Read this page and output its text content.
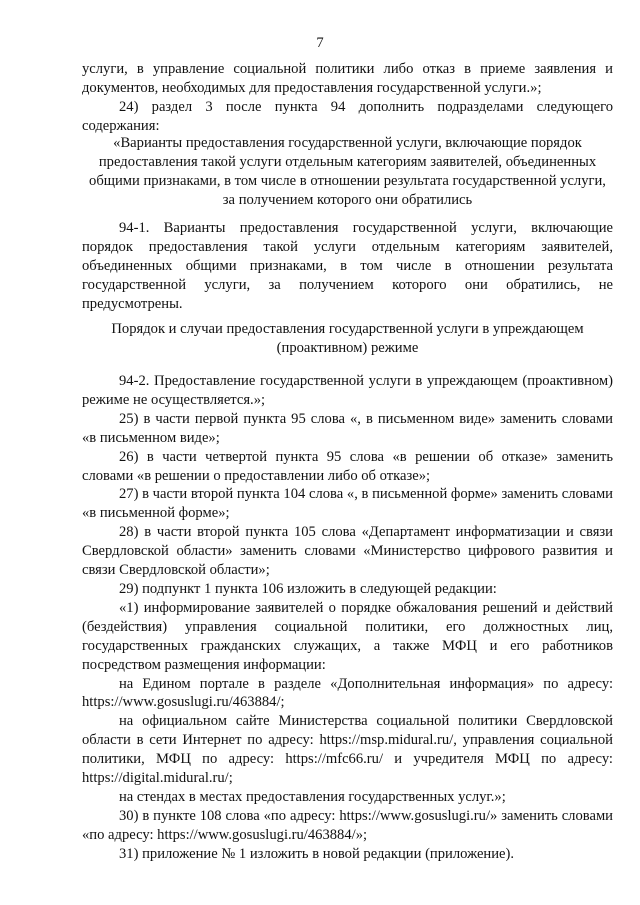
7

услуги, в управление социальной политики либо отказ в приеме заявления и документов, необходимых для предоставления государственной услуги.»;

24) раздел 3 после пункта 94 дополнить подразделами следующего содержания:

«Варианты предоставления государственной услуги, включающие порядок предоставления такой услуги отдельным категориям заявителей, объединенных общими признаками, в том числе в отношении результата государственной услуги, за получением которого они обратились

94-1. Варианты предоставления государственной услуги, включающие порядок предоставления такой услуги отдельным категориям заявителей, объединенных общими признаками, в том числе в отношении результата государственной услуги, за получением которого они обратились, не предусмотрены.

Порядок и случаи предоставления государственной услуги в упреждающем (проактивном) режиме

94-2. Предоставление государственной услуги в упреждающем (проактивном) режиме не осуществляется.»;

25) в части первой пункта 95 слова «, в письменном виде» заменить словами «в письменном виде»;

26) в части четвертой пункта 95 слова «в решении об отказе» заменить словами «в решении о предоставлении либо об отказе»;

27) в части второй пункта 104 слова «, в письменной форме» заменить словами «в письменной форме»;

28) в части второй пункта 105 слова «Департамент информатизации и связи Свердловской области» заменить словами «Министерство цифрового развития и связи Свердловской области»;

29) подпункт 1 пункта 106 изложить в следующей редакции:

«1) информирование заявителей о порядке обжалования решений и действий (бездействия) управления социальной политики, его должностных лиц, государственных гражданских служащих, а также МФЦ и его работников посредством размещения информации:

на Едином портале в разделе «Дополнительная информация» по адресу: https://www.gosuslugi.ru/463884/;

на официальном сайте Министерства социальной политики Свердловской области в сети Интернет по адресу: https://msp.midural.ru/, управления социальной политики, МФЦ по адресу: https://mfc66.ru/ и учредителя МФЦ по адресу: https://digital.midural.ru/;

на стендах в местах предоставления государственных услуг.»;

30) в пункте 108 слова «по адресу: https://www.gosuslugi.ru/» заменить словами «по адресу: https://www.gosuslugi.ru/463884/»;

31) приложение № 1 изложить в новой редакции (приложение).
